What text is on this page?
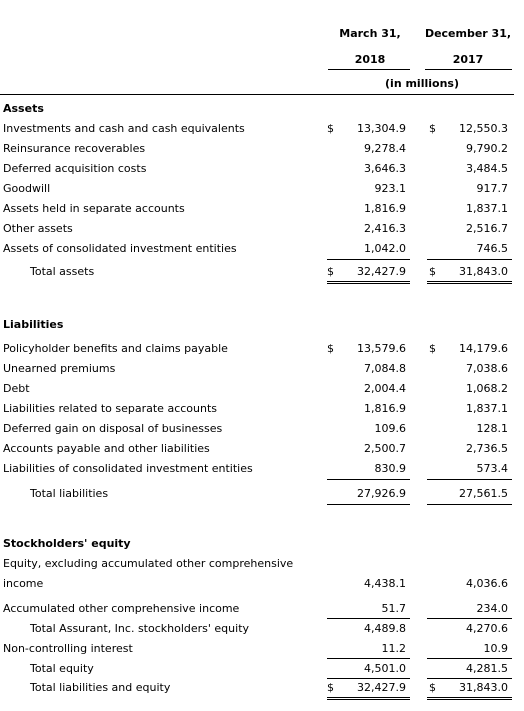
March 31,
2018
December 31,
2017
(in millions)
Assets
Investments and cash and cash equivalents	$	13,304.9 $	12,550.3
Reinsurance recoverables	9,278.4	9,790.2
Deferred acquisition costs	3,646.3	3,484.5
Goodwill	923.1	917.7
Assets held in separate accounts	1,816.9	1,837.1
Other assets	2,416.3	2,516.7
Assets of consolidated investment entities	1,042.0	746.5
Total assets	$	32,427.9 $	31,843.0
Liabilities
Policyholder benefits and claims payable	$	13,579.6 $	14,179.6
Unearned premiums	7,084.8	7,038.6
Debt	2,004.4	1,068.2
Liabilities related to separate accounts	1,816.9	1,837.1
Deferred gain on disposal of businesses	109.6	128.1
Accounts payable and other liabilities	2,500.7	2,736.5
Liabilities of consolidated investment entities	830.9	573.4
Total liabilities	27,926.9	27,561.5
Stockholders' equity
Equity, excluding accumulated other comprehensive
income	4,438.1	4,036.6
Accumulated other comprehensive income	51.7	234.0
Total Assurant, Inc. stockholders' equity	4,489.8	4,270.6
Non-controlling interest	11.2	10.9
Total equity	4,501.0	4,281.5
Total liabilities and equity	$	32,427.9 $	31,843.0
